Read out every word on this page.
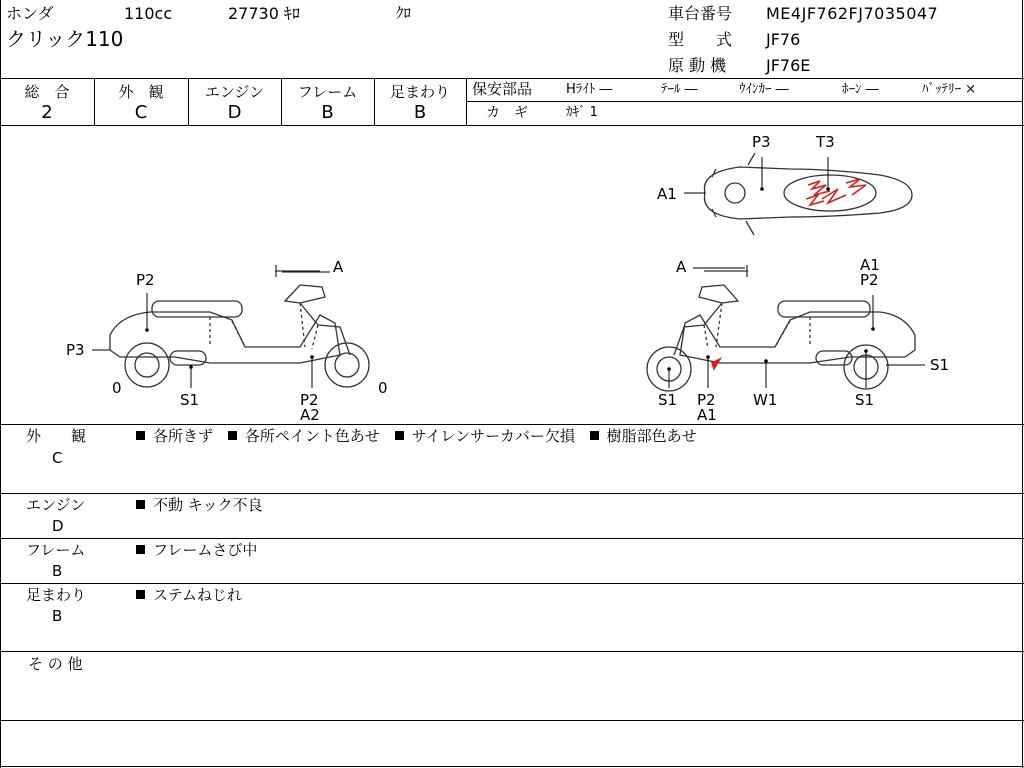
ホンダ	110cc	27730 ｷﾛ	ｸﾛ
クリック110
車台番号 ME4JF762FJ7035047
型　　式 JF76
原 動 機 JF76E
総　合
2
外　観
C
エンジン
D
フレーム
B
足まわり
B
保安部品	Hﾗｲﾄ ―	ﾃｰﾙ ―	ｳｲﾝｶｰ ―	ﾎｰﾝ ―	ﾊﾞｯﾃﾘｰ ×
カ　ギ	ｶｷﾞ 1
A
P2
P3
0	0
S1	P2
A2
P3	T3
A1
A	A1
P2
S1
S1 P2
A1
W1	S1
外　　観
C
各所きず 各所ペイント色あせ サイレンサーカバー欠損 樹脂部色あせ
エンジン
D
不動 キック不良
フレーム
B
フレームさび中
足まわり
B
ステムねじれ
そ の 他
